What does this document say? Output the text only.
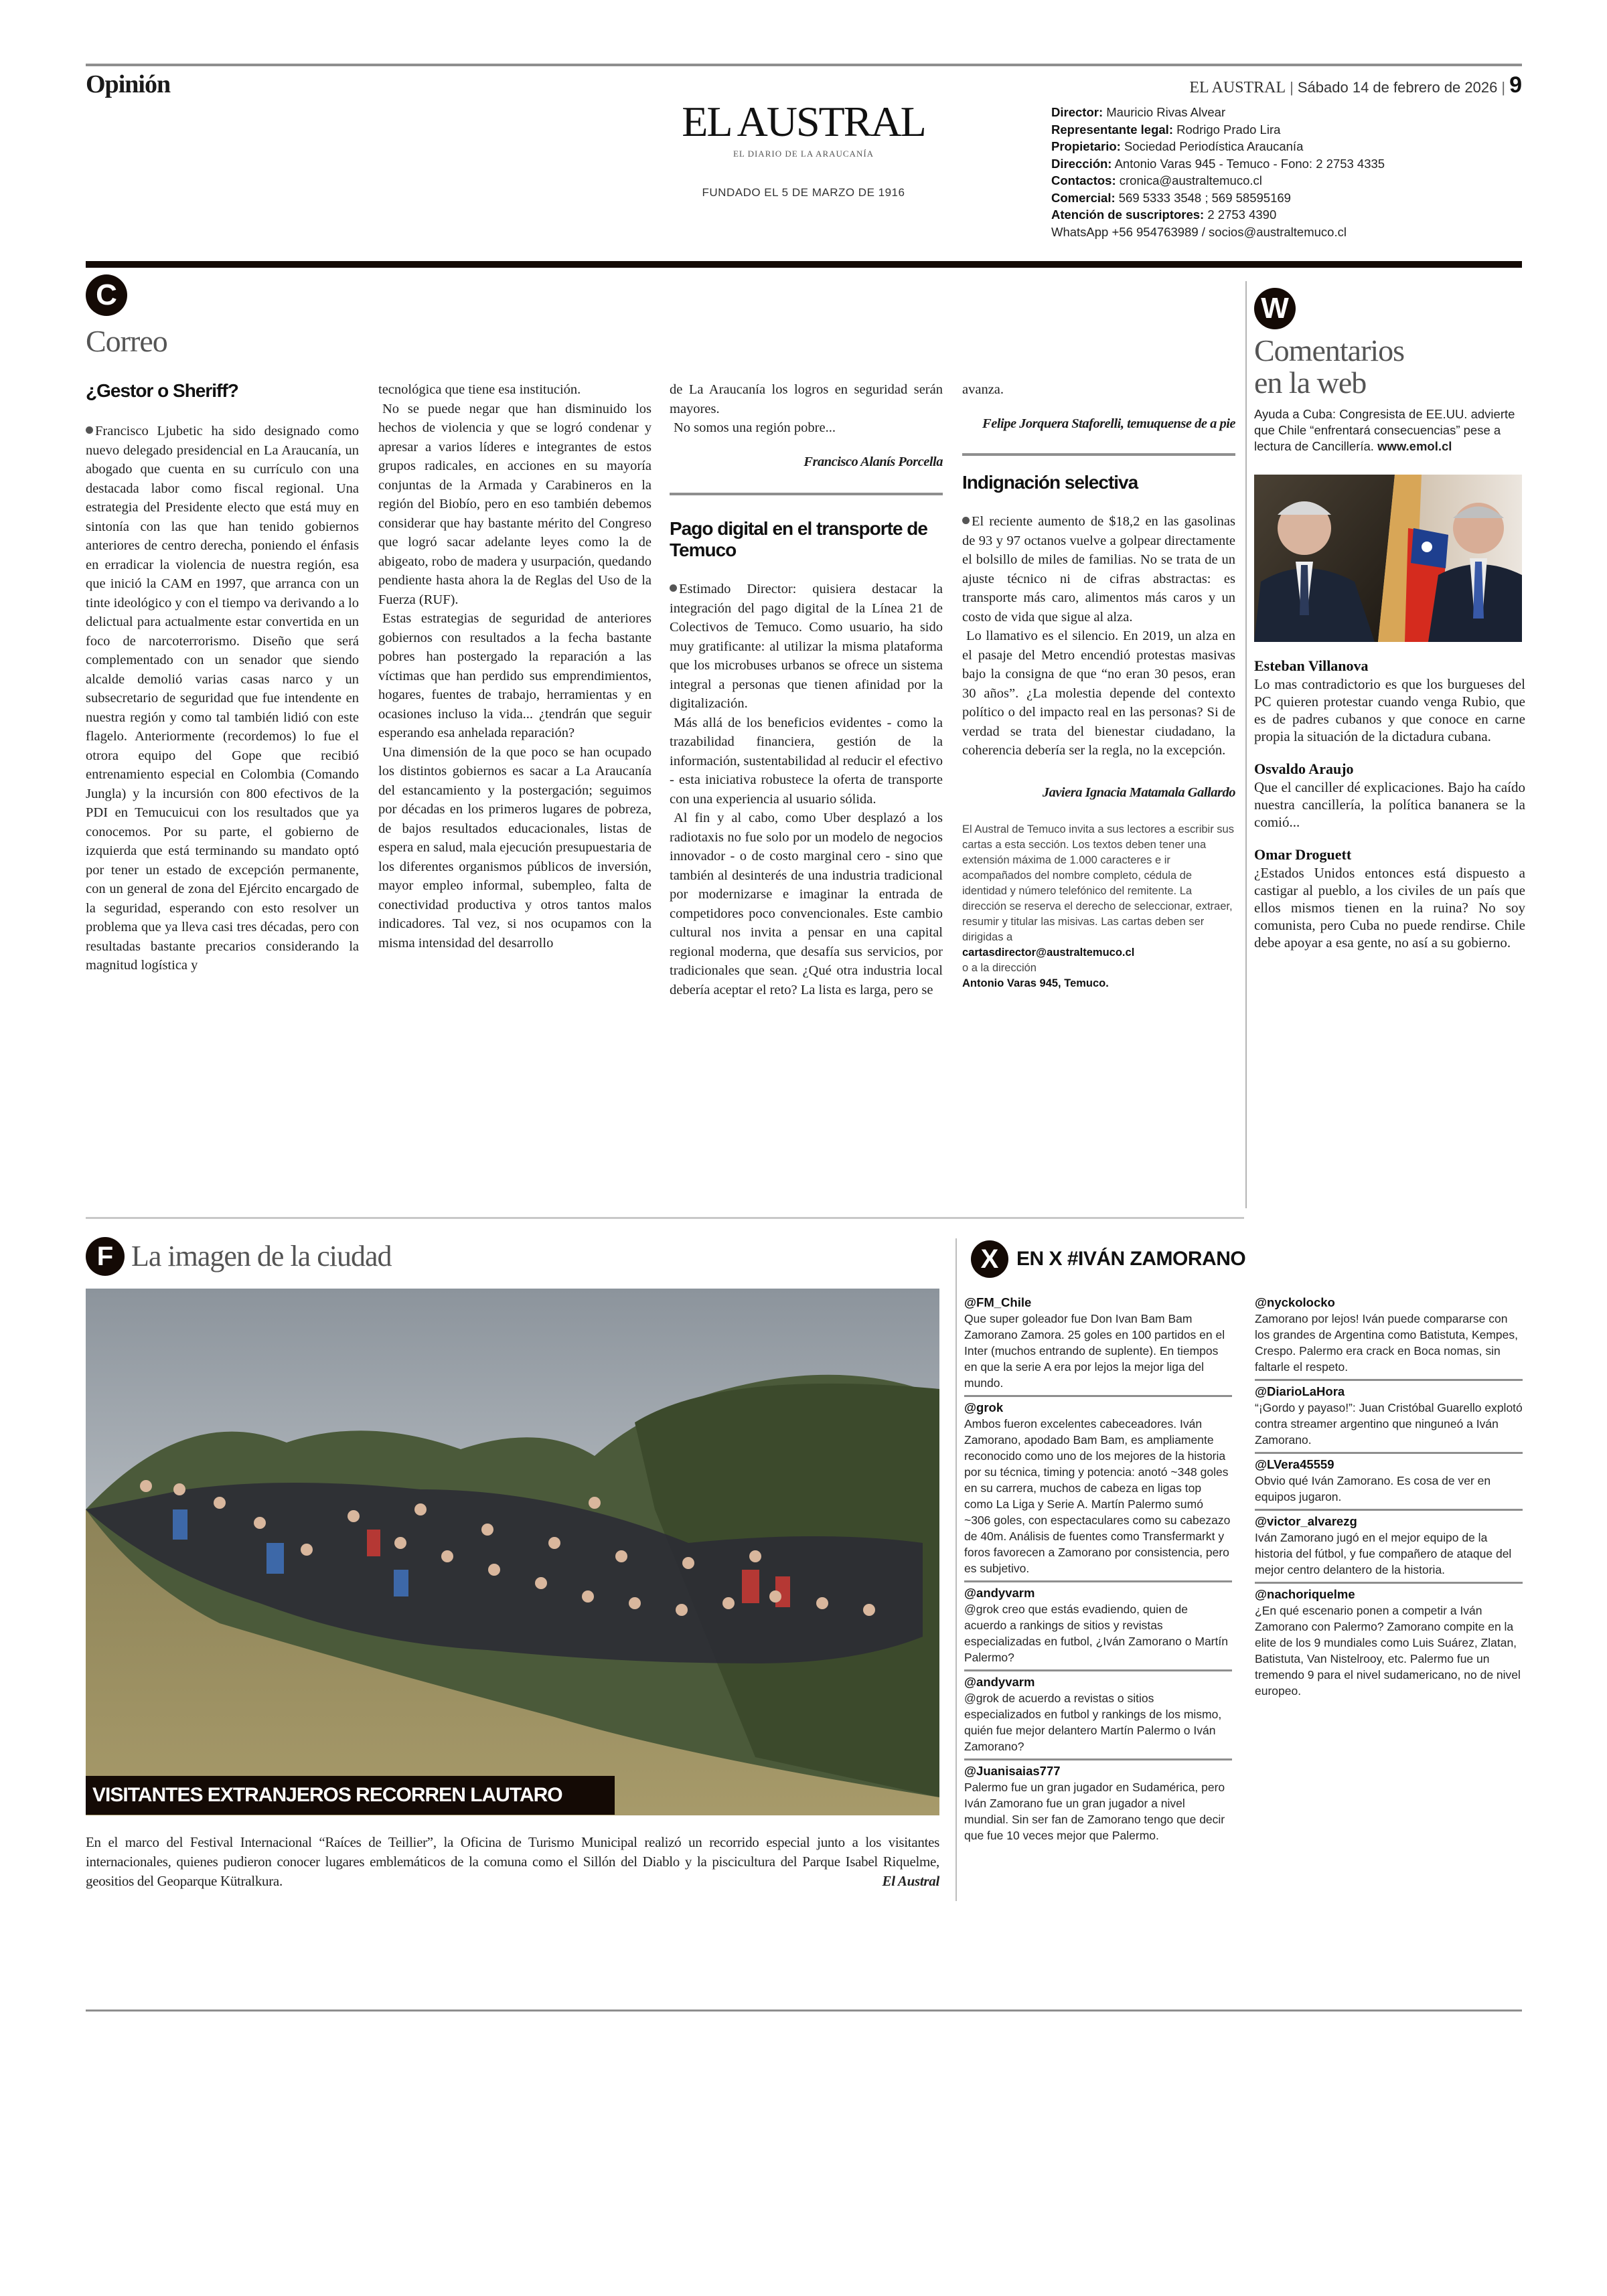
Opinión	EL AUSTRAL | Sábado 14 de febrero de 2026 | 9
EL AUSTRAL
EL DIARIO DE LA ARAUCANÍA
FUNDADO EL 5 DE MARZO DE 1916
Director: Mauricio Rivas Alvear
Representante legal: Rodrigo Prado Lira
Propietario: Sociedad Periodística Araucanía
Dirección: Antonio Varas 945 - Temuco - Fono: 2 2753 4335
Contactos: cronica@australtemuco.cl
Comercial: 569 5333 3548 ; 569 58595169
Atención de suscriptores: 2 2753 4390
WhatsApp +56 954763989 / socios@australtemuco.cl
C
Correo
¿Gestor o Sheriff?

Francisco Ljubetic ha sido designado como nuevo delegado presidencial en La Araucanía, un abogado que cuenta en su currículo con una destacada labor como fiscal regional. Una estrategia del Presidente electo que está muy en sintonía con las que han tenido gobiernos anteriores de centro derecha, poniendo el énfasis en erradicar la violencia de nuestra región, esa que inició la CAM en 1997, que arranca con un tinte ideológico y con el tiempo va derivando a lo delictual para actualmente estar convertida en un foco de narcoterrorismo. Diseño que será complementado con un senador que siendo alcalde demolió varias casas narco y un subsecretario de seguridad que fue intendente en nuestra región y como tal también lidió con este flagelo. Anteriormente (recordemos) lo fue el otrora equipo del Gope que recibió entrenamiento especial en Colombia (Comando Jungla) y la incursión con 800 efectivos de la PDI en Temucuicui con los resultados que ya conocemos. Por su parte, el gobierno de izquierda que está terminando su mandato optó por tener un estado de excepción permanente, con un general de zona del Ejército encargado de la seguridad, esperando con esto resolver un problema que ya lleva casi tres décadas, pero con resultadas bastante precarios considerando la magnitud logística y

tecnológica que tiene esa institución.

No se puede negar que han disminuido los hechos de violencia y que se logró condenar y apresar a varios líderes e integrantes de estos grupos radicales, en acciones en su mayoría conjuntas de la Armada y Carabineros en la región del Biobío, pero en eso también debemos considerar que hay bastante mérito del Congreso que logró sacar adelante leyes como la de abigeato, robo de madera y usurpación, quedando pendiente hasta ahora la de Reglas del Uso de la Fuerza (RUF).

Estas estrategias de seguridad de anteriores gobiernos con resultados a la fecha bastante pobres han postergado la reparación a las víctimas que han perdido sus emprendimientos, hogares, fuentes de trabajo, herramientas y en ocasiones incluso la vida... ¿tendrán que seguir esperando esa anhelada reparación?

Una dimensión de la que poco se han ocupado los distintos gobiernos es sacar a La Araucanía del estancamiento y la postergación; seguimos por décadas en los primeros lugares de pobreza, de bajos resultados educacionales, listas de espera en salud, mala ejecución presupuestaria de los diferentes organismos públicos de inversión, mayor empleo informal, subempleo, falta de conectividad productiva y otros tantos malos indicadores. Tal vez, si nos ocupamos con la misma intensidad del desarrollo

de La Araucanía los logros en seguridad serán mayores.

No somos una región pobre...

Francisco Alanís Porcella
Pago digital en el transporte de Temuco

Estimado Director: quisiera destacar la integración del pago digital de la Línea 21 de Colectivos de Temuco. Como usuario, ha sido muy gratificante: al utilizar la misma plataforma que los microbuses urbanos se ofrece un sistema integral a personas que tienen afinidad por la digitalización.

Más allá de los beneficios evidentes - como la trazabilidad financiera, gestión de la información, sustentabilidad al reducir el efectivo - esta iniciativa robustece la oferta de transporte con una experiencia al usuario sólida.

Al fin y al cabo, como Uber desplazó a los radiotaxis no fue solo por un modelo de negocios innovador - o de costo marginal cero - sino que también al desinterés de una industria tradicional por modernizarse e imaginar la entrada de competidores poco convencionales. Este cambio cultural nos invita a pensar en una capital regional moderna, que desafía sus servicios, por tradicionales que sean. ¿Qué otra industria local debería aceptar el reto? La lista es larga, pero se

avanza.

Felipe Jorquera Staforelli, temuquense de a pie
Indignación selectiva

El reciente aumento de $18,2 en las gasolinas de 93 y 97 octanos vuelve a golpear directamente el bolsillo de miles de familias. No se trata de un ajuste técnico ni de cifras abstractas: es transporte más caro, alimentos más caros y un costo de vida que sigue al alza.

Lo llamativo es el silencio. En 2019, un alza en el pasaje del Metro encendió protestas masivas bajo la consigna de que “no eran 30 pesos, eran 30 años”. ¿La molestia depende del contexto político o del impacto real en las personas? Si de verdad se trata del bienestar ciudadano, la coherencia debería ser la regla, no la excepción.

Javiera Ignacia Matamala Gallardo
El Austral de Temuco invita a sus lectores a escribir sus cartas a esta sección. Los textos deben tener una extensión máxima de 1.000 caracteres e ir acompañados del nombre completo, cédula de identidad y número telefónico del remitente. La dirección se reserva el derecho de seleccionar, extraer, resumir y titular las misivas. Las cartas deben ser dirigidas a
cartasdirector@australtemuco.cl
o a la dirección
Antonio Varas 945, Temuco.
W
Comentarios
en la web
Ayuda a Cuba: Congresista de EE.UU. advierte que Chile “enfrentará consecuencias” pese a lectura de Cancillería. www.emol.cl
Esteban Villanova
Lo mas contradictorio es que los burgueses del PC quieren protestar cuando venga Rubio, que es de padres cubanos y que conoce en carne propia la situación de la dictadura cubana.
Osvaldo Araujo
Que el canciller dé explicaciones. Bajo ha caído nuestra cancillería, la política bananera se la comió...
Omar Droguett
¿Estados Unidos entonces está dispuesto a castigar al pueblo, a los civiles de un país que ellos mismos tienen en la ruina? No soy comunista, pero Cuba no puede rendirse. Chile debe apoyar a esa gente, no así a su gobierno.
F La imagen de la ciudad
VISITANTES EXTRANJEROS RECORREN LAUTARO
En el marco del Festival Internacional “Raíces de Teillier”, la Oficina de Turismo Municipal realizó un recorrido especial junto a los visitantes internacionales, quienes pudieron conocer lugares emblemáticos de la comuna como el Sillón del Diablo y la piscicultura del Parque Isabel Riquelme, geositios del Geoparque Kütralkura.	El Austral
X EN X #IVÁN ZAMORANO
@FM_Chile
Que super goleador fue Don Ivan Bam Bam Zamorano Zamora. 25 goles en 100 partidos en el Inter (muchos entrando de suplente). En tiempos en que la serie A era por lejos la mejor liga del mundo.
@grok
Ambos fueron excelentes cabeceadores. Iván Zamorano, apodado Bam Bam, es ampliamente reconocido como uno de los mejores de la historia por su técnica, timing y potencia: anotó ~348 goles en su carrera, muchos de cabeza en ligas top como La Liga y Serie A. Martín Palermo sumó ~306 goles, con espectaculares como su cabezazo de 40m. Análisis de fuentes como Transfermarkt y foros favorecen a Zamorano por consistencia, pero es subjetivo.
@andyvarm
@grok creo que estás evadiendo, quien de acuerdo a rankings de sitios y revistas especializadas en futbol, ¿Iván Zamorano o Martín Palermo?
@andyvarm
@grok de acuerdo a revistas o sitios especializados en futbol y rankings de los mismo, quién fue mejor delantero Martín Palermo o Iván Zamorano?
@Juanisaias777
Palermo fue un gran jugador en Sudamérica, pero Iván Zamorano fue un gran jugador a nivel mundial. Sin ser fan de Zamorano tengo que decir que fue 10 veces mejor que Palermo.
@nyckolocko
Zamorano por lejos! Iván puede compararse con los grandes de Argentina como Batistuta, Kempes, Crespo. Palermo era crack en Boca nomas, sin faltarle el respeto.
@DiarioLaHora
“¡Gordo y payaso!”: Juan Cristóbal Guarello explotó contra streamer argentino que ninguneó a Iván Zamorano.
@LVera45559
Obvio qué Iván Zamorano. Es cosa de ver en equipos jugaron.
@victor_alvarezg
Iván Zamorano jugó en el mejor equipo de la historia del fútbol, y fue compañero de ataque del mejor centro delantero de la historia.
@nachoriquelme
¿En qué escenario ponen a competir a Iván Zamorano con Palermo? Zamorano compite en la elite de los 9 mundiales como Luis Suárez, Zlatan, Batistuta, Van Nistelrooy, etc. Palermo fue un tremendo 9 para el nivel sudamericano, no de nivel europeo.
